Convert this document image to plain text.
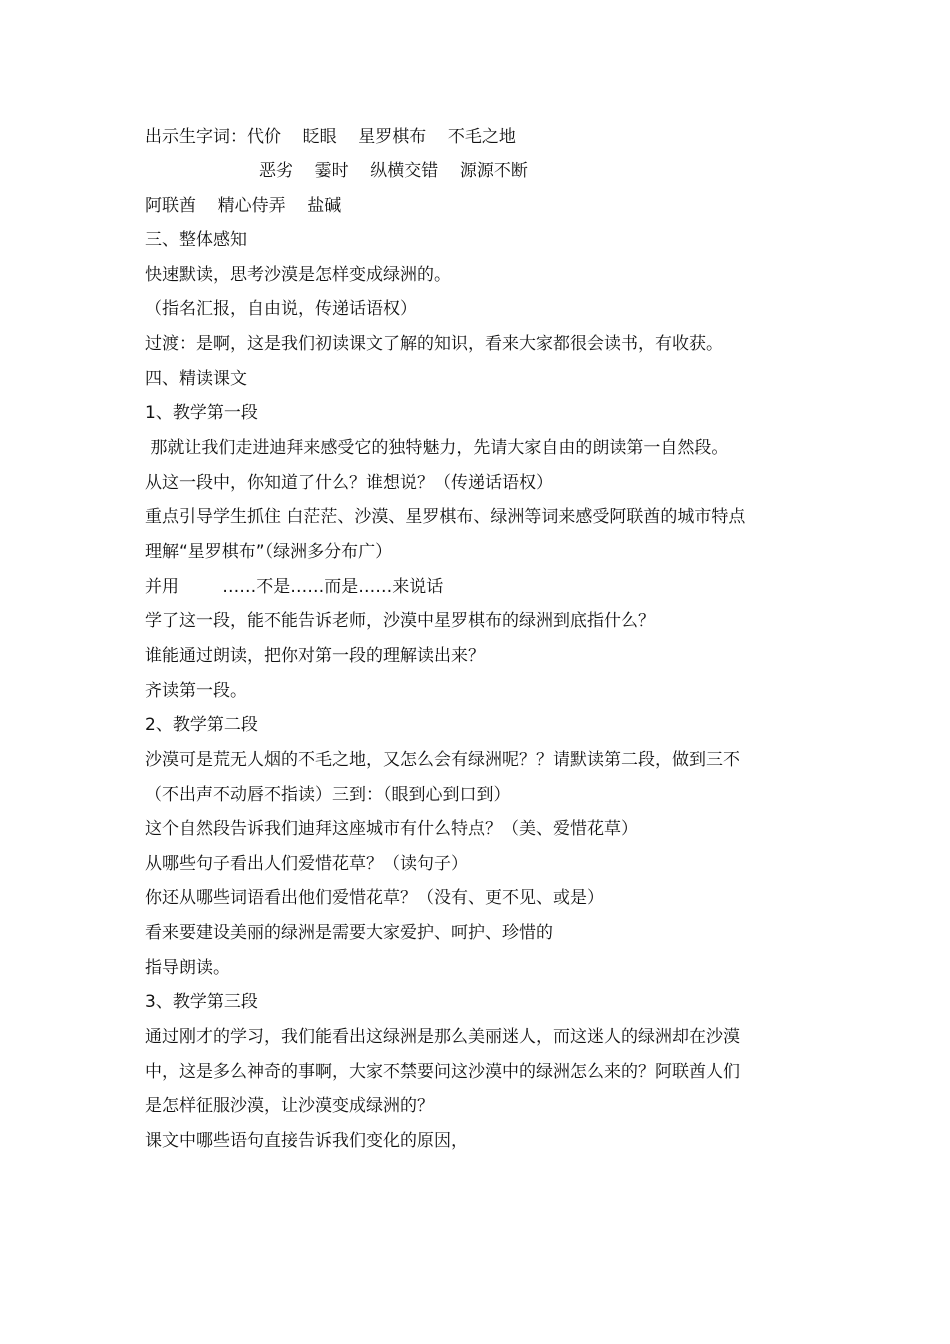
出示生字词：代价    眨眼    星罗棋布    不毛之地
恶劣    霎时    纵横交错    源源不断
阿联酋    精心侍弄    盐碱
三、整体感知
快速默读，思考沙漠是怎样变成绿洲的。
（指名汇报，自由说，传递话语权）
过渡：是啊，这是我们初读课文了解的知识，看来大家都很会读书，有收获。
四、精读课文
1、教学第一段
那就让我们走进迪拜来感受它的独特魅力，先请大家自由的朗读第一自然段。
从这一段中，你知道了什么？谁想说？（传递话语权）
重点引导学生抓住 白茫茫、沙漠、星罗棋布、绿洲等词来感受阿联酋的城市特点
理解“星罗棋布”（绿洲多分布广）
并用        ……不是……而是……来说话
学了这一段，能不能告诉老师，沙漠中星罗棋布的绿洲到底指什么？
谁能通过朗读，把你对第一段的理解读出来？
齐读第一段。
2、教学第二段
沙漠可是荒无人烟的不毛之地，又怎么会有绿洲呢？？请默读第二段，做到三不
（不出声不动唇不指读）三到：（眼到心到口到）
这个自然段告诉我们迪拜这座城市有什么特点？（美、爱惜花草）
从哪些句子看出人们爱惜花草？（读句子）
你还从哪些词语看出他们爱惜花草？（没有、更不见、或是）
看来要建设美丽的绿洲是需要大家爱护、呵护、珍惜的
指导朗读。
3、教学第三段
通过刚才的学习，我们能看出这绿洲是那么美丽迷人，而这迷人的绿洲却在沙漠
中，这是多么神奇的事啊，大家不禁要问这沙漠中的绿洲怎么来的？阿联酋人们
是怎样征服沙漠，让沙漠变成绿洲的？
课文中哪些语句直接告诉我们变化的原因，
